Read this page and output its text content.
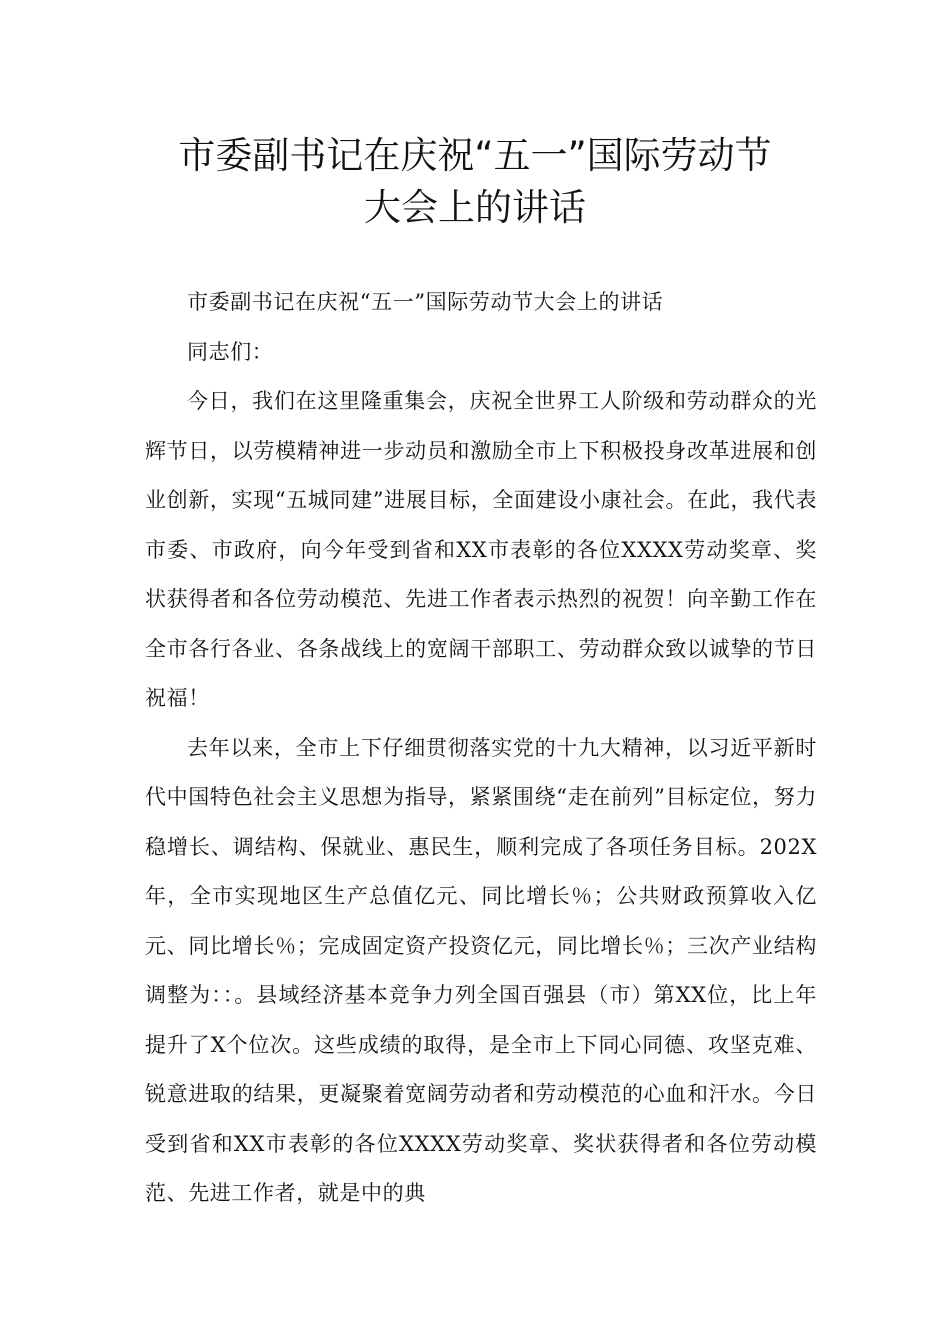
市委副书记在庆祝“五一”国际劳动节
大会上的讲话

市委副书记在庆祝“五一”国际劳动节大会上的讲话

同志们：

今日，我们在这里隆重集会，庆祝全世界工人阶级和劳动群众的光辉节日，以劳模精神进一步动员和激励全市上下积极投身改革进展和创业创新，实现“五城同建”进展目标，全面建设小康社会。在此，我代表市委、市政府，向今年受到省和XX市表彰的各位XXXX劳动奖章、奖状获得者和各位劳动模范、先进工作者表示热烈的祝贺！向辛勤工作在全市各行各业、各条战线上的宽阔干部职工、劳动群众致以诚挚的节日祝福！

去年以来，全市上下仔细贯彻落实党的十九大精神，以习近平新时代中国特色社会主义思想为指导，紧紧围绕“走在前列”目标定位，努力稳增长、调结构、保就业、惠民生，顺利完成了各项任务目标。202X年，全市实现地区生产总值亿元、同比增长％；公共财政预算收入亿元、同比增长％；完成固定资产投资亿元，同比增长％；三次产业结构调整为：：。县域经济基本竞争力列全国百强县（市）第XX位，比上年提升了X个位次。这些成绩的取得，是全市上下同心同德、攻坚克难、锐意进取的结果，更凝聚着宽阔劳动者和劳动模范的心血和汗水。今日受到省和XX市表彰的各位XXXX劳动奖章、奖状获得者和各位劳动模范、先进工作者，就是中的典
